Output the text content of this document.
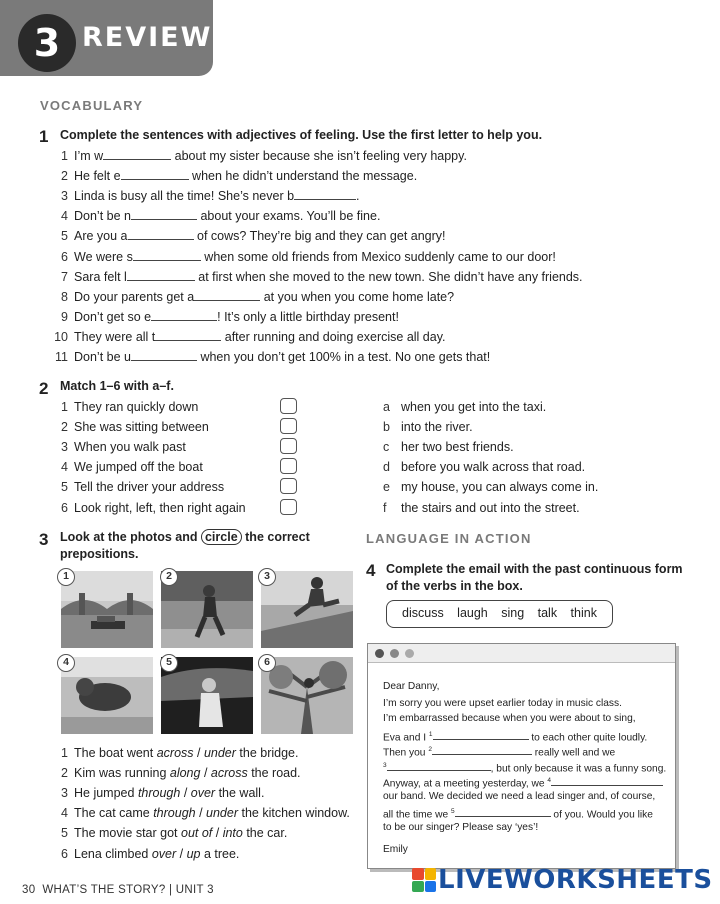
3 REVIEW
VOCABULARY
1 Complete the sentences with adjectives of feeling. Use the first letter to help you.
1 I’m w	about my sister because she isn’t feeling very happy.
2 He felt e	when he didn’t understand the message.
3 Linda is busy all the time! She’s never b	.
4 Don’t be n	about your exams. You’ll be fine.
5 Are you a	of cows? They’re big and they can get angry!
6 We were s	when some old friends from Mexico suddenly came to our door!
7 Sara felt l	at first when she moved to the new town. She didn’t have any friends.
8 Do your parents get a	at you when you come home late?
9 Don’t get so e	! It’s only a little birthday present!
10 They were all t	after running and doing exercise all day.
11 Don’t be u	when you don’t get 100% in a test. No one gets that!
2 Match 1–6 with a–f.
1 They ran quickly down
2 She was sitting between
3 When you walk past
4 We jumped off the boat
5 Tell the driver your address
6 Look right, left, then right again
a when you get into the taxi.
b into the river.
c her two best friends.
d before you walk across that road.
e my house, you can always come in.
f the stairs and out into the street.
3 Look at the photos and circle the correct
prepositions.
1	2	3
4	5	6
1 The boat went across / under the bridge.
2 Kim was running along / across the road.
3 He jumped through / over the wall.
4 The cat came through / under the kitchen window.
5 The movie star got out of / into the car.
6 Lena climbed over / up a tree.
LANGUAGE IN ACTION
4 Complete the email with the past continuous form
of the verbs in the box.
discuss laugh sing talk think
Dear Danny,
I’m sorry you were upset earlier today in music class.
I’m embarrassed because when you were about to sing,
Eva and I $^1$	to each other quite loudly.
Then you $^2$	really well and we
$^3$	, but only because it was a funny song.
Anyway, at a meeting yesterday, we $^4$
our band. We decided we need a lead singer and, of course,
all the time we $^5$	of you. Would you like
to be our singer? Please say ‘yes’!
Emily
30 WHAT’S THE STORY? | UNIT 3	LIVEWORKSHEETS
